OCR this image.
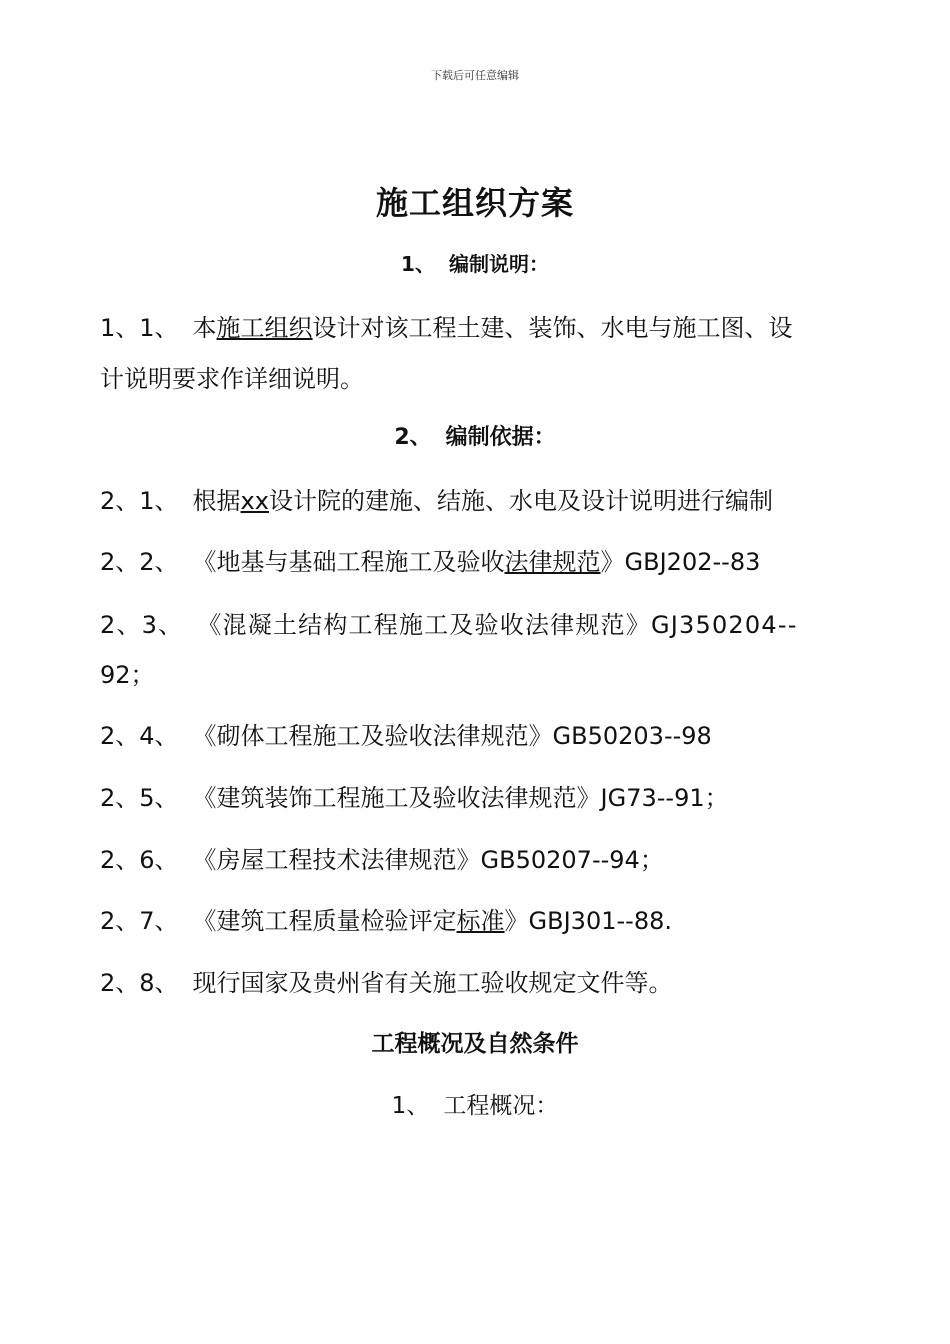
下载后可任意编辑
施工组织方案
1、 编制说明：
1、1、 本施工组织设计对该工程土建、装饰、水电与施工图、设
计说明要求作详细说明。
2、 编制依据：
2、1、 根据xx设计院的建施、结施、水电及设计说明进行编制
2、2、 《地基与基础工程施工及验收法律规范》GBJ202--83
2、3、 《混凝土结构工程施工及验收法律规范》GJ350204--
92；
2、4、 《砌体工程施工及验收法律规范》GB50203--98
2、5、 《建筑装饰工程施工及验收法律规范》JG73--91；
2、6、 《房屋工程技术法律规范》GB50207--94；
2、7、 《建筑工程质量检验评定标准》GBJ301--88.
2、8、 现行国家及贵州省有关施工验收规定文件等。
工程概况及自然条件
1、 工程概况：
